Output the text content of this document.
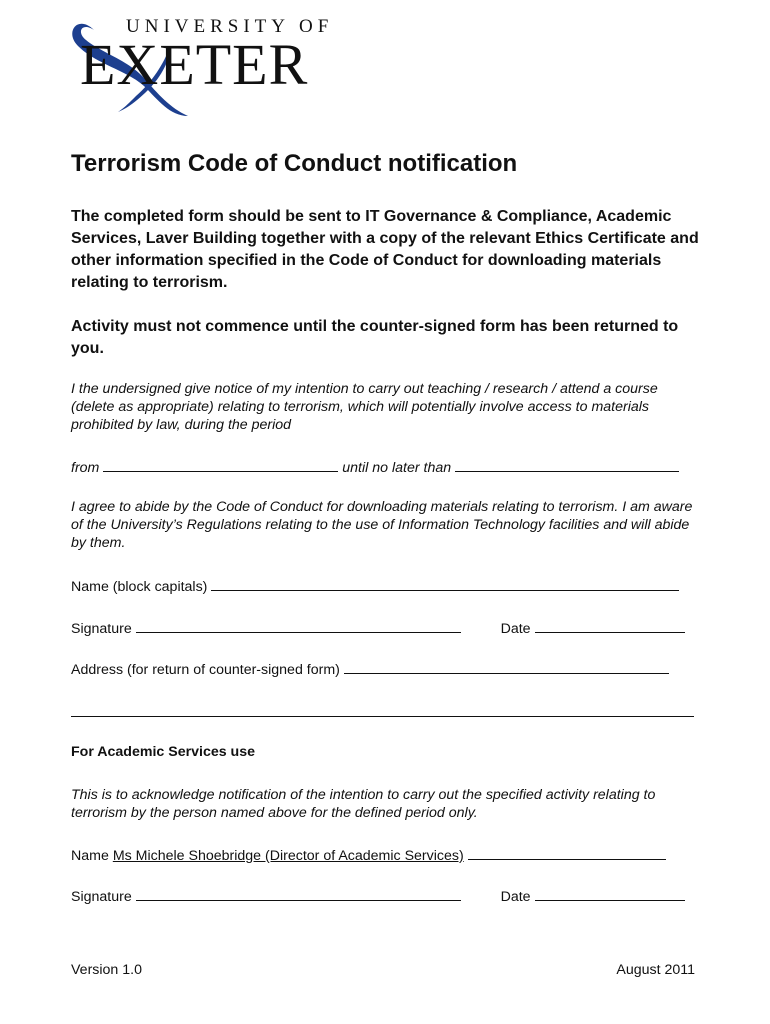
UNIVERSITY OF
EXETER
Terrorism Code of Conduct notification

The completed form should be sent to IT Governance & Compliance, Academic Services, Laver Building together with a copy of the relevant Ethics Certificate and other information specified in the Code of Conduct for downloading materials relating to terrorism.

Activity must not commence until the counter-signed form has been returned to you.

I the undersigned give notice of my intention to carry out teaching / research / attend a course (delete as appropriate) relating to terrorism, which will potentially involve access to materials prohibited by law, during the period

from	until no later than

I agree to abide by the Code of Conduct for downloading materials relating to terrorism. I am aware of the University’s Regulations relating to the use of Information Technology facilities and will abide by them.

Name (block capitals)
Signature	Date
Address (for return of counter-signed form)
For Academic Services use

This is to acknowledge notification of the intention to carry out the specified activity relating to terrorism by the person named above for the defined period only.

Name Ms Michele Shoebridge (Director of Academic Services)
Signature	Date
Version 1.0	August 2011
